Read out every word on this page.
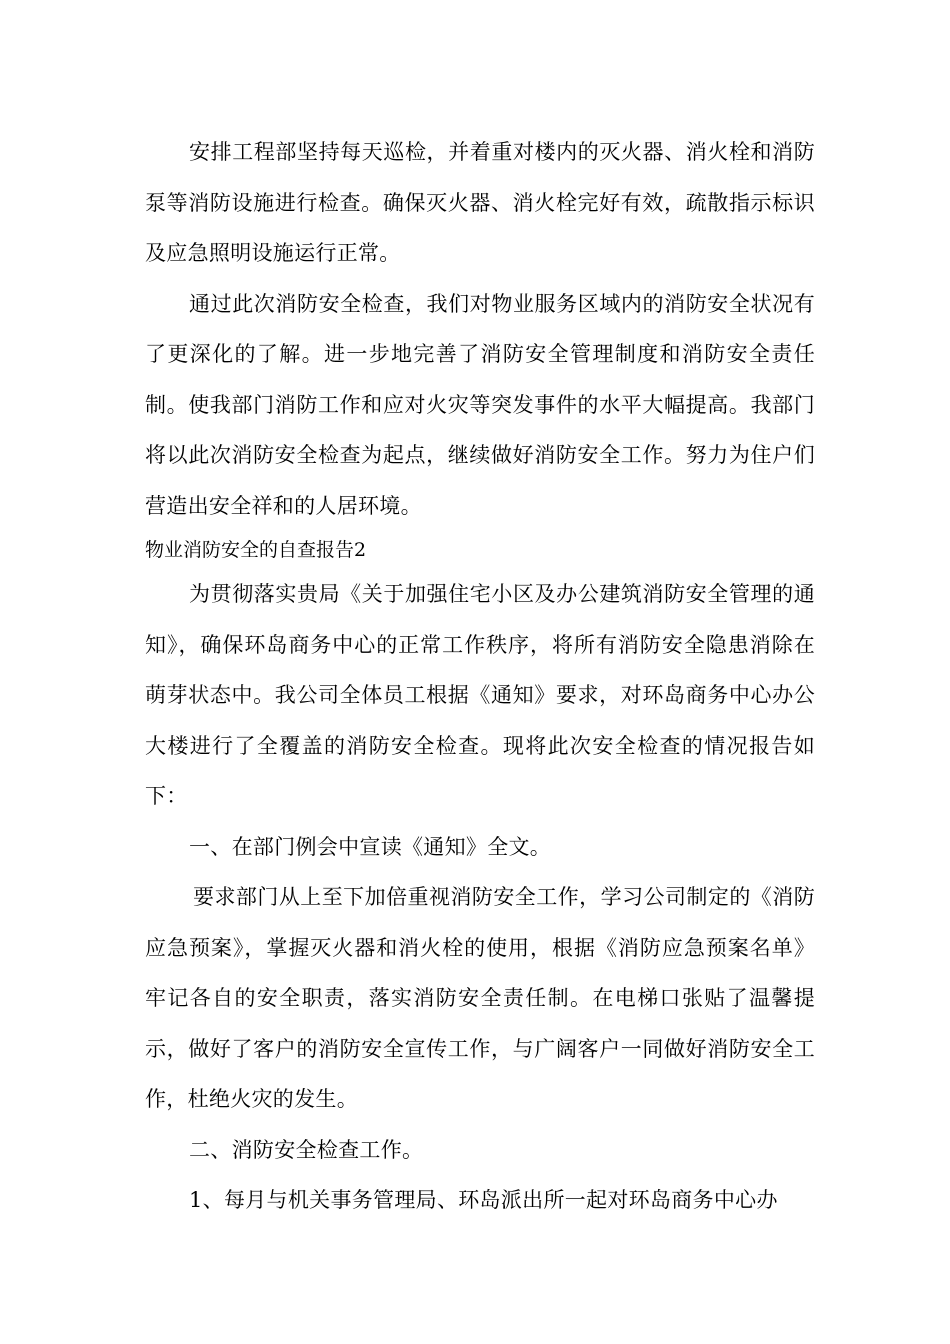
安排工程部坚持每天巡检，并着重对楼内的灭火器、消火栓和消防泵等消防设施进行检查。确保灭火器、消火栓完好有效，疏散指示标识及应急照明设施运行正常。

通过此次消防安全检查，我们对物业服务区域内的消防安全状况有了更深化的了解。进一步地完善了消防安全管理制度和消防安全责任制。使我部门消防工作和应对火灾等突发事件的水平大幅提高。我部门将以此次消防安全检查为起点，继续做好消防安全工作。努力为住户们营造出安全祥和的人居环境。

物业消防安全的自查报告2

为贯彻落实贵局《关于加强住宅小区及办公建筑消防安全管理的通知》，确保环岛商务中心的正常工作秩序，将所有消防安全隐患消除在萌芽状态中。我公司全体员工根据《通知》要求，对环岛商务中心办公大楼进行了全覆盖的消防安全检查。现将此次安全检查的情况报告如下：

一、在部门例会中宣读《通知》全文。

要求部门从上至下加倍重视消防安全工作，学习公司制定的《消防应急预案》，掌握灭火器和消火栓的使用，根据《消防应急预案名单》牢记各自的安全职责，落实消防安全责任制。在电梯口张贴了温馨提示，做好了客户的消防安全宣传工作，与广阔客户一同做好消防安全工作，杜绝火灾的发生。

二、消防安全检查工作。

1、每月与机关事务管理局、环岛派出所一起对环岛商务中心办
